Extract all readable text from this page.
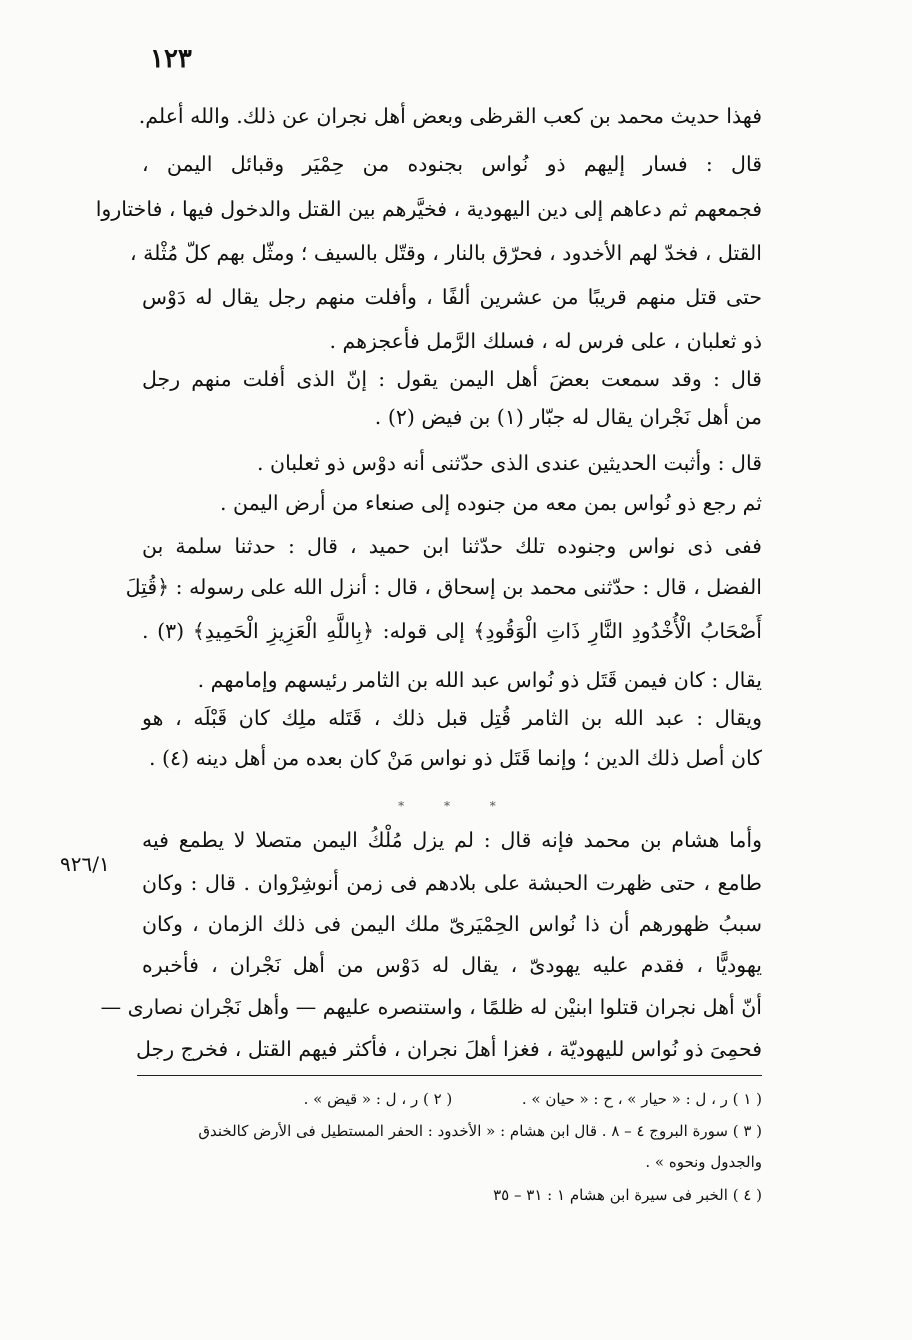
١٢٣
فهذا حديث محمد بن كعب القرظى وبعض أهل نجران عن ذلك. والله أعلم.
قال : فسار إليهم ذو نُواس بجنوده من حِمْيَر وقبائل اليمن ،
فجمعهم ثم دعاهم إلى دين اليهودية ، فخيَّرهم بين القتل والدخول فيها ، فاختاروا
القتل ، فخدّ لهم الأخدود ، فحرّق بالنار ، وقتّل بالسيف ؛ ومثّل بهم كلّ مُثْلة ،
حتى قتل منهم قريبًا من عشرين ألفًا ، وأفلت منهم رجل يقال له دَوْس
ذو ثعلبان ، على فرس له ، فسلك الرَّمل فأعجزهم .
قال : وقد سمعت بعضَ أهل اليمن يقول : إنّ الذى أفلت منهم رجل
من أهل نَجْران يقال له جبّار (١) بن فيض (٢) .
قال : وأثبت الحديثين عندى الذى حدّثنى أنه دوْس ذو ثعلبان .
ثم رجع ذو نُواس بمن معه من جنوده إلى صنعاء من أرض اليمن .
ففى ذى نواس وجنوده تلك حدّثنا ابن حميد ، قال : حدثنا سلمة بن
الفضل ، قال : حدّثنى محمد بن إسحاق ، قال : أنزل الله على رسوله : ﴿قُتِلَ
أَصْحَابُ الْأُخْدُودِ النَّارِ ذَاتِ الْوَقُودِ﴾ إلى قوله: ﴿بِاللَّهِ الْعَزِيزِ الْحَمِيدِ﴾ (٣) .
يقال : كان فيمن قَتَل ذو نُواس عبد الله بن الثامر رئيسهم وإمامهم .
ويقال : عبد الله بن الثامر قُتِل قبل ذلك ، قَتَله ملِك كان قَبْلَه ، هو
كان أصل ذلك الدين ؛ وإنما قَتَل ذو نواس مَنْ كان بعده من أهل دينه (٤) .
* * *
٩٢٦/١
وأما هشام بن محمد فإنه قال : لم يزل مُلْكُ اليمن متصلا لا يطمع فيه
طامع ، حتى ظهرت الحبشة على بلادهم فى زمن أنوشِرْوان . قال : وكان
سببُ ظهورهم أن ذا نُواس الحِمْيَرىّ ملك اليمن فى ذلك الزمان ، وكان
يهوديًّا ، فقدم عليه يهودىّ ، يقال له دَوْس من أهل نَجْران ، فأخبره
أنّ أهل نجران قتلوا ابنيْن له ظلمًا ، واستنصره عليهم — وأهل نَجْران نصارى —
فحمِىَ ذو نُواس لليهوديّة ، فغزا أهلَ نجران ، فأكثر فيهم القتل ، فخرج رجل
( ١ ) ر ، ل : « حيار » ، ح : « حيان » .  ( ٢ ) ر ، ل : « قيض » .
( ٣ ) سورة البروج ٤ – ٨ . قال ابن هشام : « الأخدود : الحفر المستطيل فى الأرض كالخندق
والجدول ونحوه » .
( ٤ ) الخبر فى سيرة ابن هشام ١ : ٣١ – ٣٥
